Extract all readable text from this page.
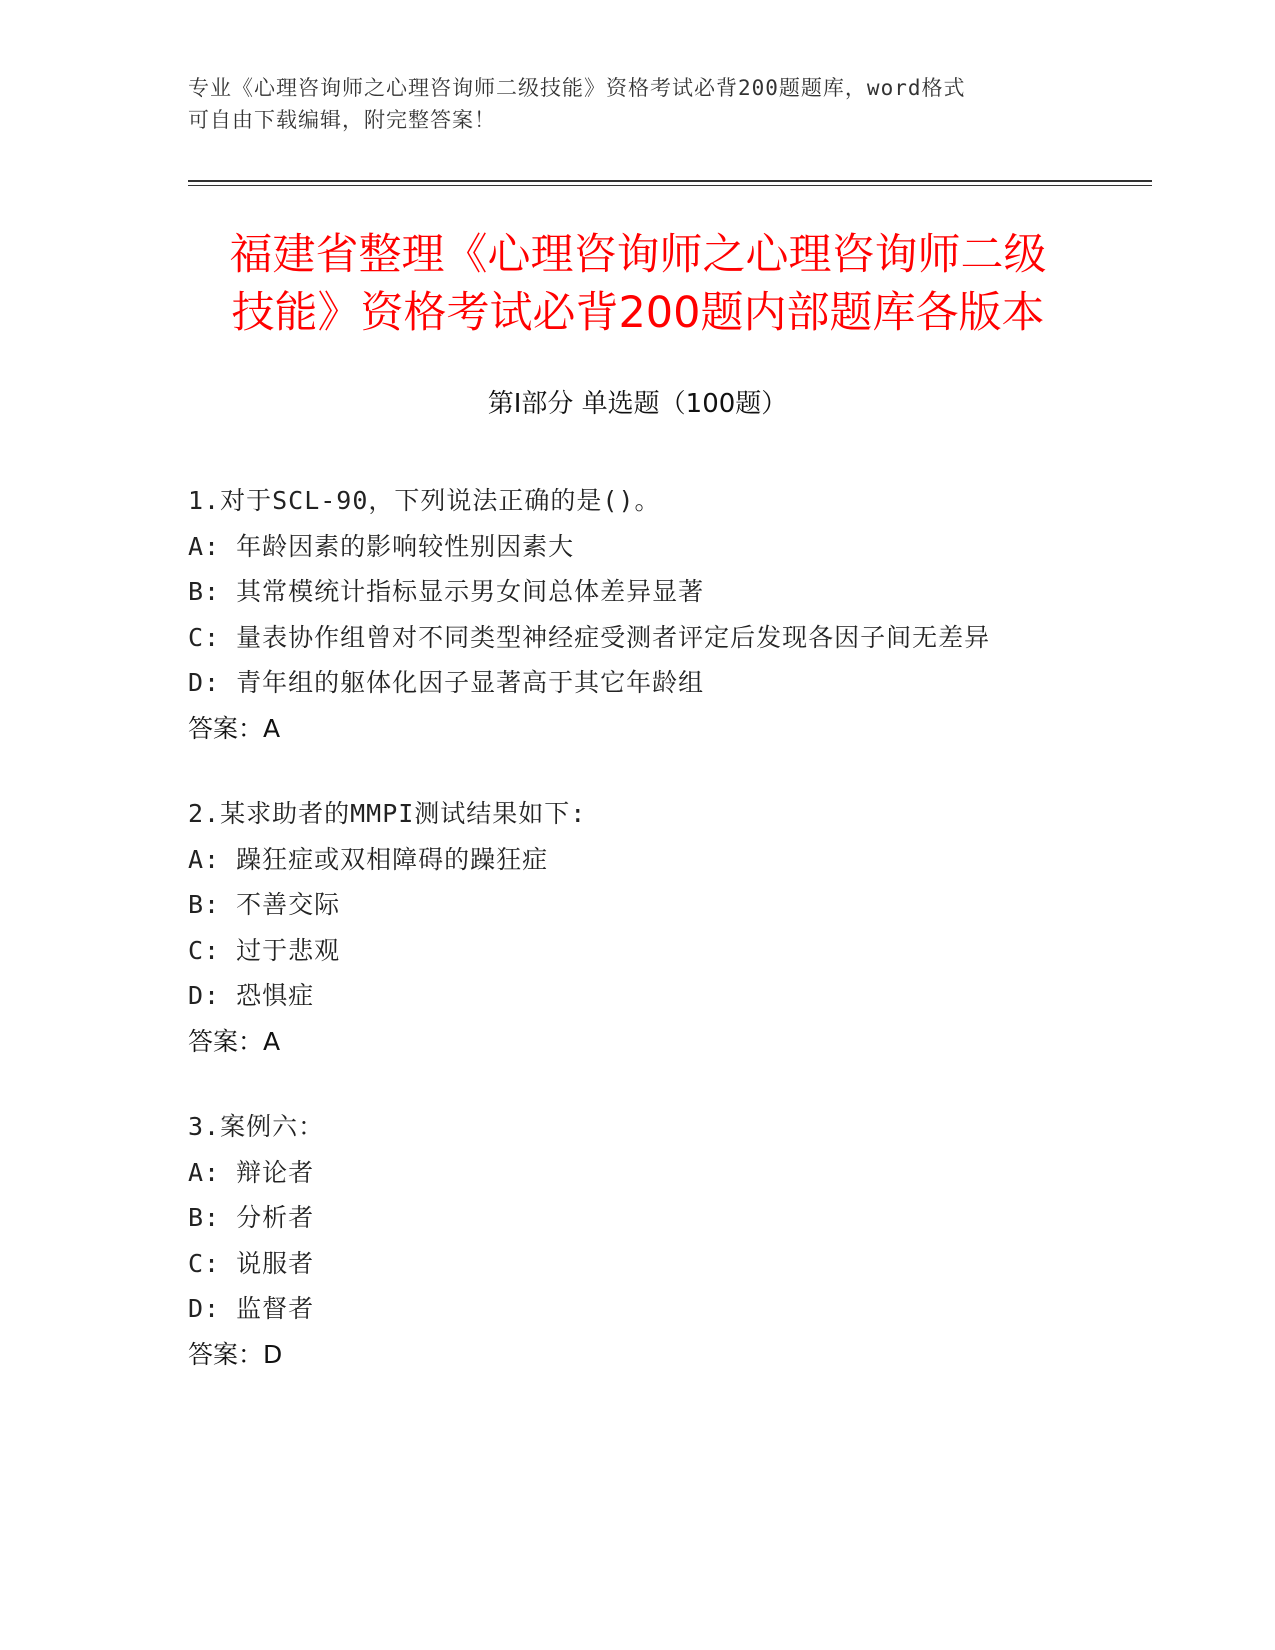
专业《心理咨询师之心理咨询师二级技能》资格考试必背200题题库，word格式
可自由下载编辑，附完整答案！
福建省整理《心理咨询师之心理咨询师二级
技能》资格考试必背200题内部题库各版本
第Ⅰ部分 单选题（100题）
1.对于SCL-90，下列说法正确的是()。
A: 年龄因素的影响较性别因素大
B: 其常模统计指标显示男女间总体差异显著
C: 量表协作组曾对不同类型神经症受测者评定后发现各因子间无差异
D: 青年组的躯体化因子显著高于其它年龄组
答案：A
2.某求助者的MMPI测试结果如下:
A: 躁狂症或双相障碍的躁狂症
B: 不善交际
C: 过于悲观
D: 恐惧症
答案：A
3.案例六：
A: 辩论者
B: 分析者
C: 说服者
D: 监督者
答案：D
